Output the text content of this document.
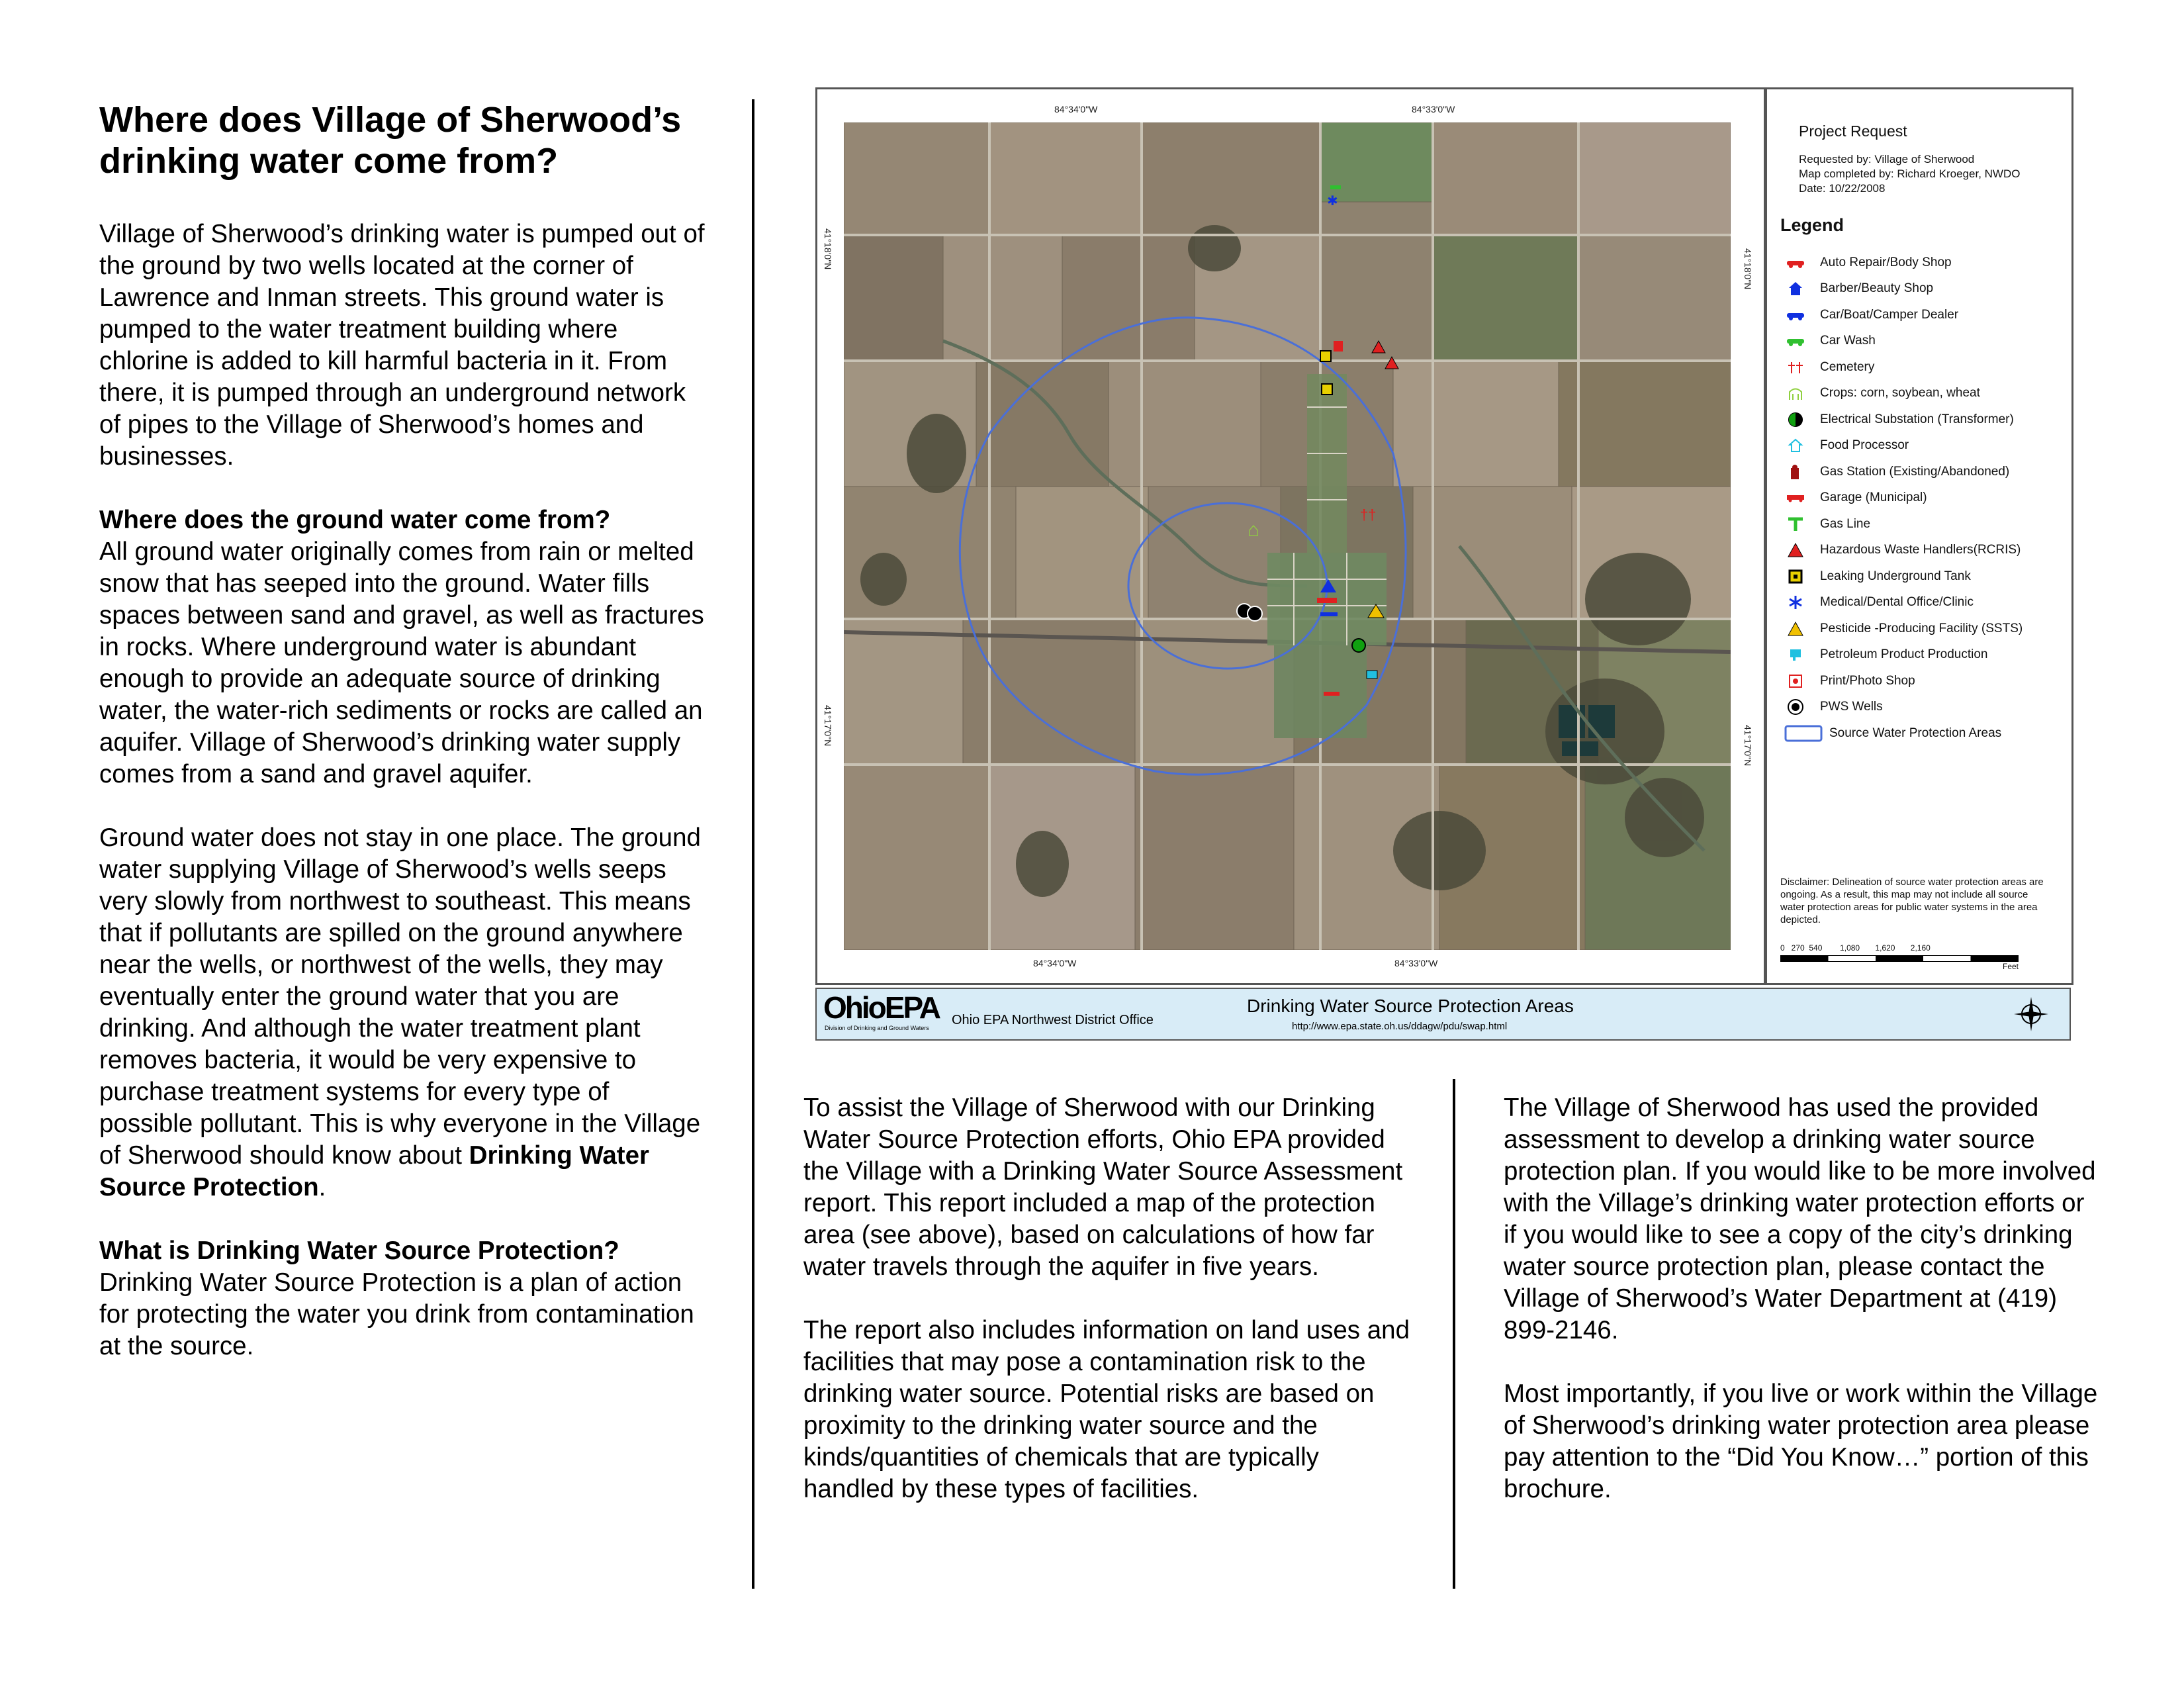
Where does Village of Sherwood’s drinking water come from?

Village of Sherwood’s drinking water is pumped out of the ground by two wells located at the corner of Lawrence and Inman streets. This ground water is pumped to the water treatment building where chlorine is added to kill harmful bacteria in it. From there, it is pumped through an underground network of pipes to the Village of Sherwood’s homes and businesses.

Where does the ground water come from?
All ground water originally comes from rain or melted snow that has seeped into the ground. Water fills spaces between sand and gravel, as well as fractures in rocks. Where underground water is abundant enough to provide an adequate source of drinking water, the water-rich sediments or rocks are called an aquifer. Village of Sherwood’s drinking water supply comes from a sand and gravel aquifer.

Ground water does not stay in one place. The ground water supplying Village of Sherwood’s wells seeps very slowly from northwest to southeast. This means that if pollutants are spilled on the ground anywhere near the wells, or northwest of the wells, they may eventually enter the ground water that you are drinking. And although the water treatment plant removes bacteria, it would be very expensive to purchase treatment systems for every type of possible pollutant. This is why everyone in the Village of Sherwood should know about Drinking Water Source Protection.

What is Drinking Water Source Protection?
Drinking Water Source Protection is a plan of action for protecting the water you drink from contamination at the source.

84°34'0"W	84°33'0"W
84°34'0"W	84°33'0"W
41°18'0"N
41°17'0"N
41°18'0"N
41°17'0"N
✱
††
⌂
Project Request
Requested by: Village of Sherwood
Map completed by: Richard Kroeger, NWDO
Date: 10/22/2008
Legend
Auto Repair/Body Shop
Barber/Beauty Shop
Car/Boat/Camper Dealer
Car Wash
Cemetery
Crops: corn, soybean, wheat
Electrical Substation (Transformer)
Food Processor
Gas Station (Existing/Abandoned)
Garage (Municipal)
Gas Line
Hazardous Waste Handlers(RCRIS)
Leaking Underground Tank
Medical/Dental Office/Clinic
Pesticide -Producing Facility (SSTS)
Petroleum Product Production
Print/Photo Shop
PWS Wells
Source Water Protection Areas
Disclaimer: Delineation of source water protection areas are ongoing. As a result, this map may not include all source water protection areas for public water systems in the area depicted.
0   270  540        1,080       1,620       2,160
Feet
OhioEPA
Division of Drinking and Ground Waters
Ohio EPA Northwest District Office
Drinking Water Source Protection Areas
http://www.epa.state.oh.us/ddagw/pdu/swap.html

To assist the Village of Sherwood with our Drinking Water Source Protection efforts, Ohio EPA provided the Village with a Drinking Water Source Assessment report. This report included a map of the protection area (see above), based on calculations of how far water travels through the aquifer in five years.

The report also includes information on land uses and facilities that may pose a contamination risk to the drinking water source. Potential risks are based on proximity to the drinking water source and the kinds/quantities of chemicals that are typically handled by these types of facilities.

The Village of Sherwood has used the provided assessment to develop a drinking water source protection plan. If you would like to be more involved with the Village’s drinking water protection efforts or if you would like to see a copy of the city’s drinking water source protection plan, please contact the Village of Sherwood’s Water Department at (419) 899-2146.

Most importantly, if you live or work within the Village of Sherwood’s drinking water protection area please pay attention to the “Did You Know…” portion of this brochure.
